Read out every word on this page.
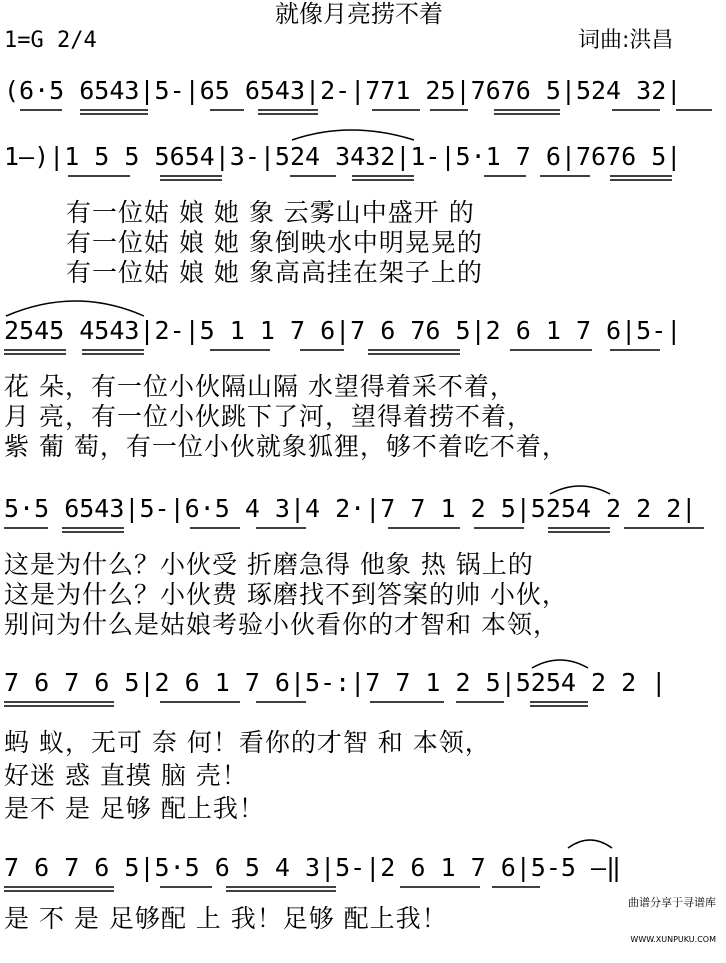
就像月亮捞不着
1=G 2/4	词曲:洪昌
(6·5 6543|5-|65 6543|2-|771 25|7676 5|524 32|
1—)|1 5 5 5654|3-|524 3432|1-|5·1 7 6|7676 5|
有一位姑 娘 她 象 云雾山中盛开 的
有一位姑 娘 她 象倒映水中明晃晃的
有一位姑 娘 她 象高高挂在架子上的
2545 4543|2-|5 1 1 7 6|7 6 76 5|2 6 1 7 6|5-|
花 朵，有一位小伙隔山隔 水望得着采不着，
月 亮，有一位小伙跳下了河，望得着捞不着，
紫 葡 萄，有一位小伙就象狐狸，够不着吃不着，
5·5 6543|5-|6·5 4 3|4 2·|7 7 1 2 5|5254 2 2 2|
这是为什么？小伙受 折磨急得 他象 热 锅上的
这是为什么？小伙费 琢磨找不到答案的帅 小伙，
别问为什么是姑娘考验小伙看你的才智和 本领，
7 6 7 6 5|2 6 1 7 6|5-:|7 7 1 2 5|5254 2 2 |
蚂 蚁，无可 奈 何！看你的才智 和 本领，
好迷 惑 直摸 脑 壳！
是不 是 足够 配上我！
7 6 7 6 5|5·5 6 5 4 3|5-|2 6 1 7 6|5-5 —‖
是 不 是 足够配 上 我！足够 配上我！

曲谱分享于寻谱库

WWW.XUNPUKU.COM
